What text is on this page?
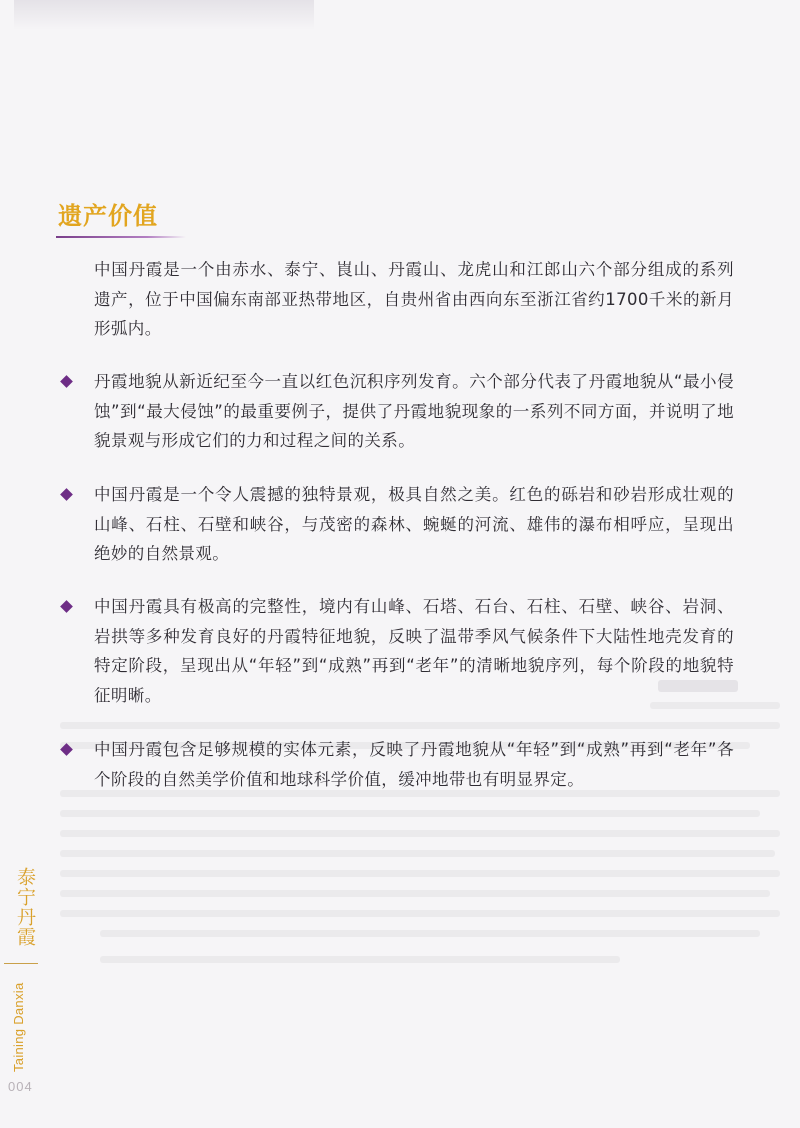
遗产价值

中国丹霞是一个由赤水、泰宁、崀山、丹霞山、龙虎山和江郎山六个部分组成的系列遗产，位于中国偏东南部亚热带地区，自贵州省由西向东至浙江省约1700千米的新月形弧内。

丹霞地貌从新近纪至今一直以红色沉积序列发育。六个部分代表了丹霞地貌从“最小侵蚀”到“最大侵蚀”的最重要例子，提供了丹霞地貌现象的一系列不同方面，并说明了地貌景观与形成它们的力和过程之间的关系。

中国丹霞是一个令人震撼的独特景观，极具自然之美。红色的砾岩和砂岩形成壮观的山峰、石柱、石壁和峡谷，与茂密的森林、蜿蜒的河流、雄伟的瀑布相呼应，呈现出绝妙的自然景观。

中国丹霞具有极高的完整性，境内有山峰、石塔、石台、石柱、石壁、峡谷、岩洞、岩拱等多种发育良好的丹霞特征地貌，反映了温带季风气候条件下大陆性地壳发育的特定阶段，呈现出从“年轻”到“成熟”再到“老年”的清晰地貌序列，每个阶段的地貌特征明晰。

中国丹霞包含足够规模的实体元素，反映了丹霞地貌从“年轻”到“成熟”再到“老年”各个阶段的自然美学价值和地球科学价值，缓冲地带也有明显界定。

泰宁丹霞
Taining Danxia
004
